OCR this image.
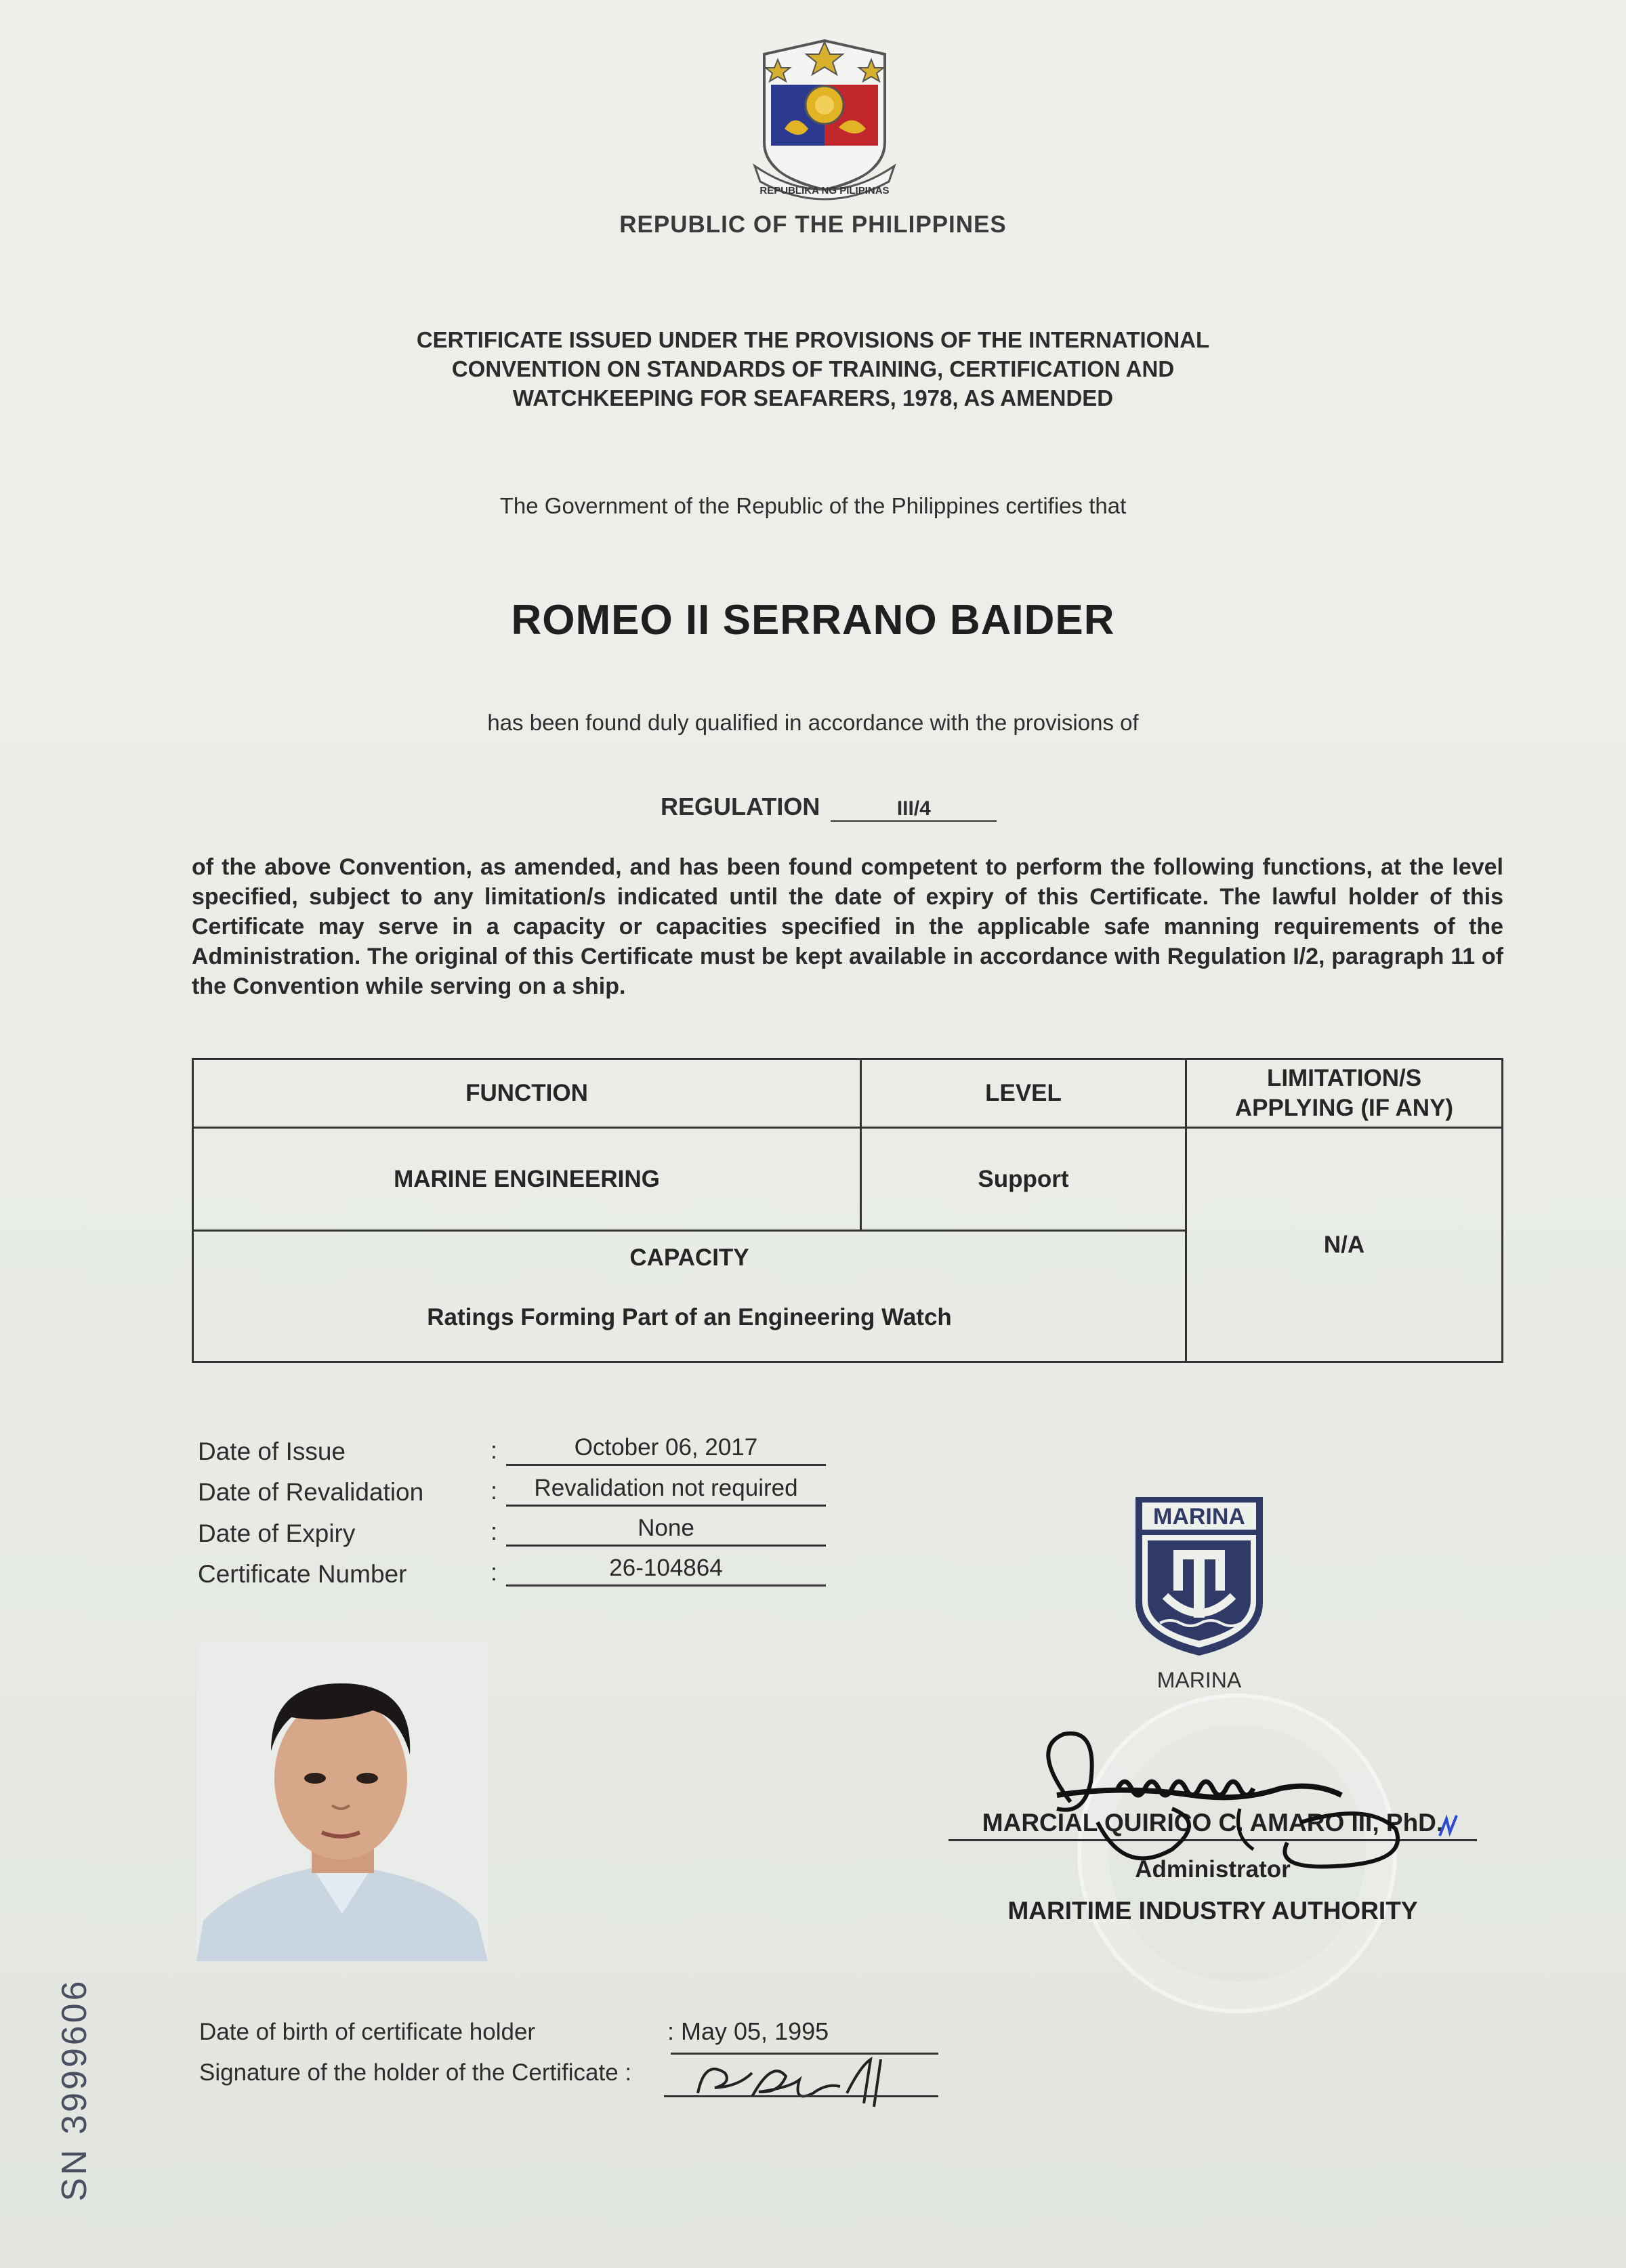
REPUBLIKA NG PILIPINAS
REPUBLIC OF THE PHILIPPINES
CERTIFICATE ISSUED UNDER THE PROVISIONS OF THE INTERNATIONAL
CONVENTION ON STANDARDS OF TRAINING, CERTIFICATION AND
WATCHKEEPING FOR SEAFARERS, 1978, AS AMENDED
The Government of the Republic of the Philippines certifies that
ROMEO II SERRANO BAIDER
has been found duly qualified in accordance with the provisions of
REGULATION	III/4
of the above Convention, as amended, and has been found competent to perform the following functions, at the level specified, subject to any limitation/s indicated until the date of expiry of this Certificate. The lawful holder of this Certificate may serve in a capacity or capacities specified in the applicable safe manning requirements of the Administration. The original of this Certificate must be kept available in accordance with Regulation I/2, paragraph 11 of the Convention while serving on a ship.
FUNCTION	LEVEL
LIMITATION/S
APPLYING (IF ANY)
MARINE ENGINEERING	Support
N/A
CAPACITY
Ratings Forming Part of an Engineering Watch
Date of Issue	:	October 06, 2017
Date of Revalidation	:	Revalidation not required
Date of Expiry	:	None
Certificate Number	:	26-104864
MARINA
MARINA
MARCIAL QUIRICO C. AMARO III, PhD.
Administrator
MARITIME INDUSTRY AUTHORITY
Date of birth of certificate holder	: May 05, 1995
Signature of the holder of the Certificate :
SN 3999606
